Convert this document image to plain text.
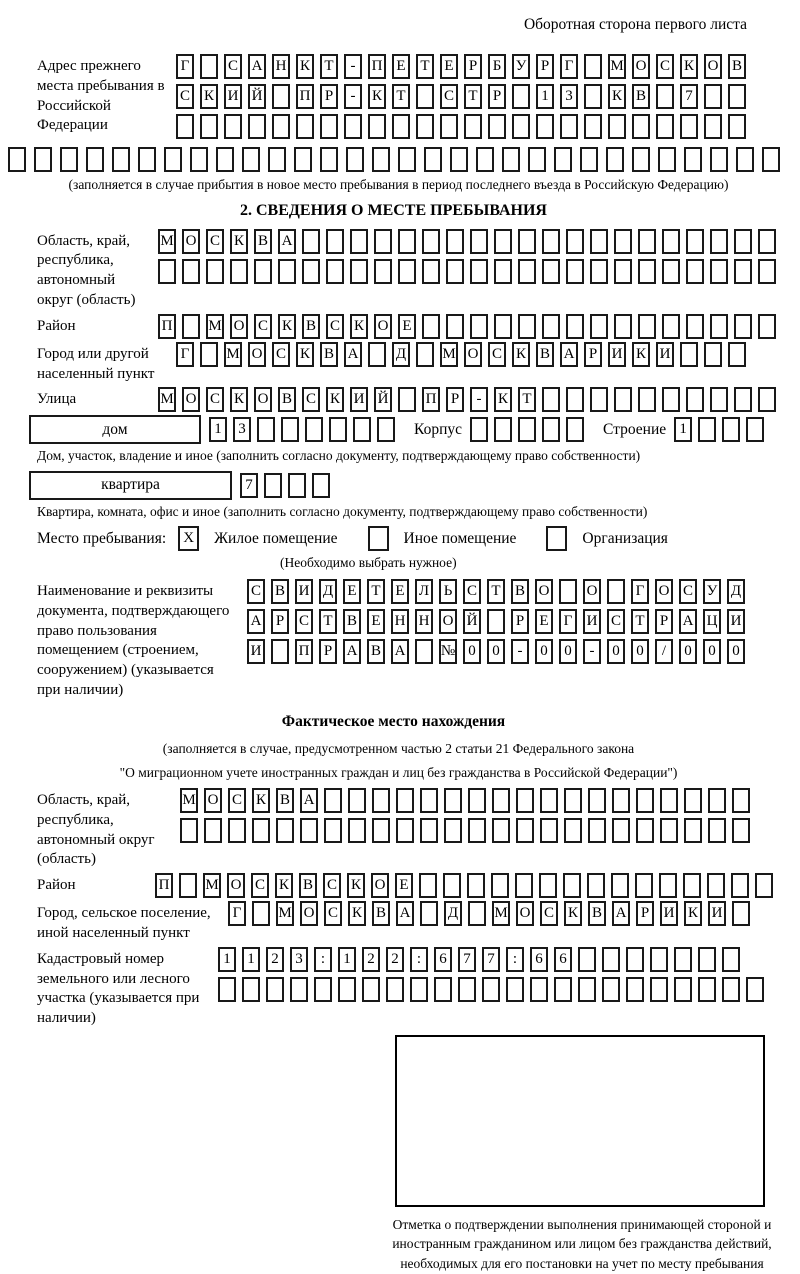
Оборотная сторона первого листа
Адрес прежнего места пребывания в Российской Федерации
Г	С А Н К Т	-	П Е Т Е	Р	Б У Р	Г	М О С К О В
С К И Й П Р	-	К Т	С Т	Р	1	3	К В	7
(заполняется в случае прибытия в новое место пребывания в период последнего въезда в Российскую Федерацию)
2. СВЕДЕНИЯ О МЕСТЕ ПРЕБЫВАНИЯ
Область, край, республика, автономный округ (область)
М О С К В А
Район	П М О С К В С К О Е
Город или другой населенный пункт
Г	М О С К В А Д М О С К В А Р И К И
Улица	М О С К О В С К И Й П Р	-	К Т
дом	1	3	Корпус	Строение 1
Дом, участок, владение и иное (заполнить согласно документу, подтверждающему право собственности)
квартира	7
Квартира, комната, офис и иное (заполнить согласно документу, подтверждающему право собственности)
Место пребывания:	X	Жилое помещение	Иное помещение	Организация
(Необходимо выбрать нужное)
Наименование и реквизиты документа, подтверждающего право пользования помещением (строением, сооружением) (указывается при наличии)
С В И Д Е Т Е Л Ь С Т В О О	Г О С У Д
А Р С Т В Е Н Н О Й	Р	Е	Г И С Т	Р А Ц И
И П Р А В А № 0	0	-	0	0	-	0	0	/	0	0	0
Фактическое место нахождения
(заполняется в случае, предусмотренном частью 2 статьи 21 Федерального закона
"О миграционном учете иностранных граждан и лиц без гражданства в Российской Федерации")
Область, край, республика, автономный округ (область)
М О С К В А
Район	П М О С К В С К О Е
Город, сельское поселение, иной населенный пункт
Г	М О С К В А Д М О С К В А Р И К И
Кадастровый номер земельного или лесного участка (указывается при наличии)
1	1	2	3	:	1	2	2	:	6	7	7	:	6	6
Отметка о подтверждении выполнения принимающей стороной и иностранным гражданином или лицом без гражданства действий, необходимых для его постановки на учет по месту пребывания
